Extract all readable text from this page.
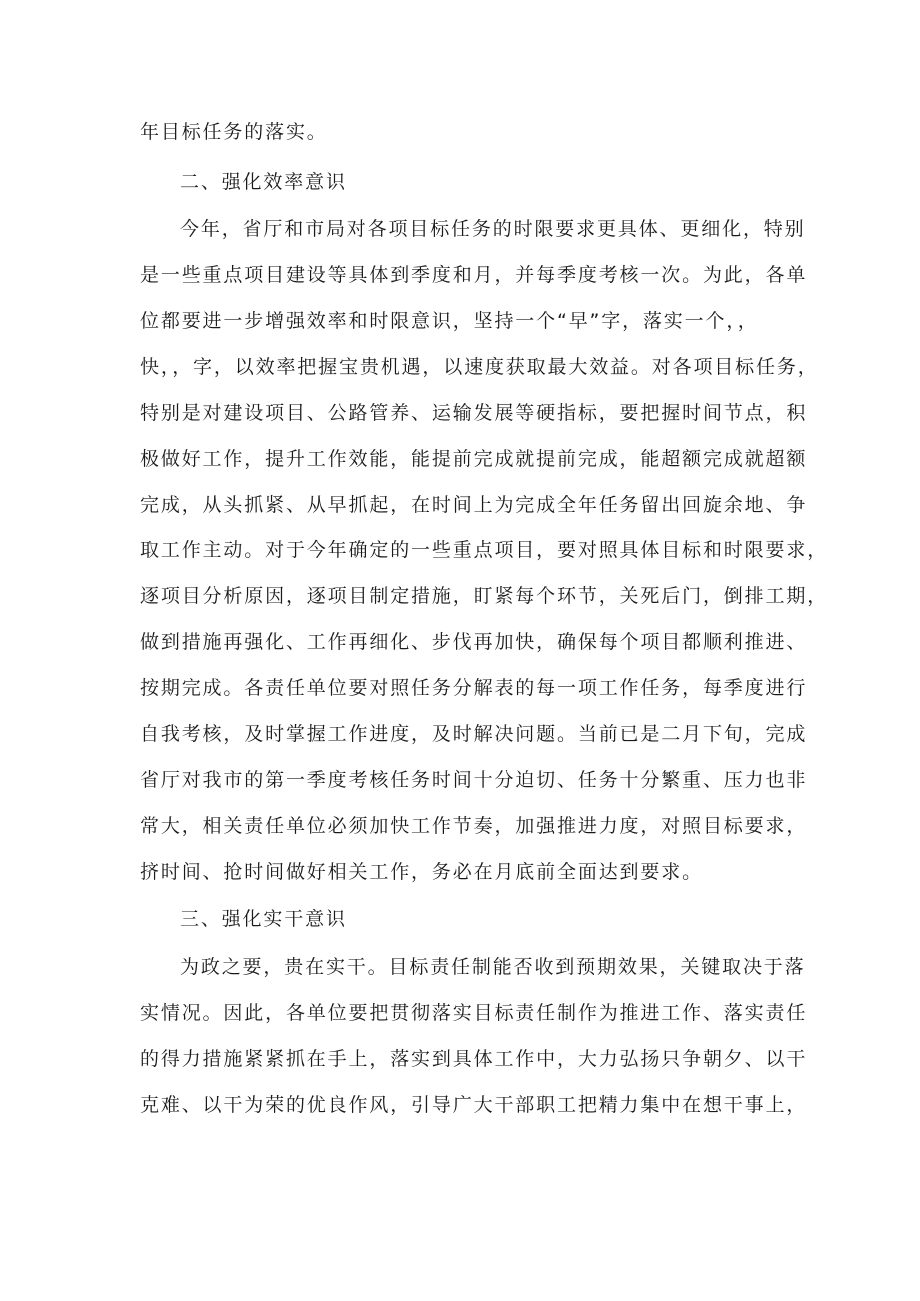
年目标任务的落实。

二、强化效率意识

今年，省厅和市局对各项目标任务的时限要求更具体、更细化，特别

是一些重点项目建设等具体到季度和月，并每季度考核一次。为此，各单

位都要进一步增强效率和时限意识，坚持一个“早”字，落实一个，，

快，，字，以效率把握宝贵机遇，以速度获取最大效益。对各项目标任务，

特别是对建设项目、公路管养、运输发展等硬指标，要把握时间节点，积

极做好工作，提升工作效能，能提前完成就提前完成，能超额完成就超额

完成，从头抓紧、从早抓起，在时间上为完成全年任务留出回旋余地、争

取工作主动。对于今年确定的一些重点项目，要对照具体目标和时限要求，

逐项目分析原因，逐项目制定措施，盯紧每个环节，关死后门，倒排工期，

做到措施再强化、工作再细化、步伐再加快，确保每个项目都顺利推进、

按期完成。各责任单位要对照任务分解表的每一项工作任务，每季度进行

自我考核，及时掌握工作进度，及时解决问题。当前已是二月下旬，完成

省厅对我市的第一季度考核任务时间十分迫切、任务十分繁重、压力也非

常大，相关责任单位必须加快工作节奏，加强推进力度，对照目标要求，

挤时间、抢时间做好相关工作，务必在月底前全面达到要求。

三、强化实干意识

为政之要，贵在实干。目标责任制能否收到预期效果，关键取决于落

实情况。因此，各单位要把贯彻落实目标责任制作为推进工作、落实责任

的得力措施紧紧抓在手上，落实到具体工作中，大力弘扬只争朝夕、以干

克难、以干为荣的优良作风，引导广大干部职工把精力集中在想干事上，
